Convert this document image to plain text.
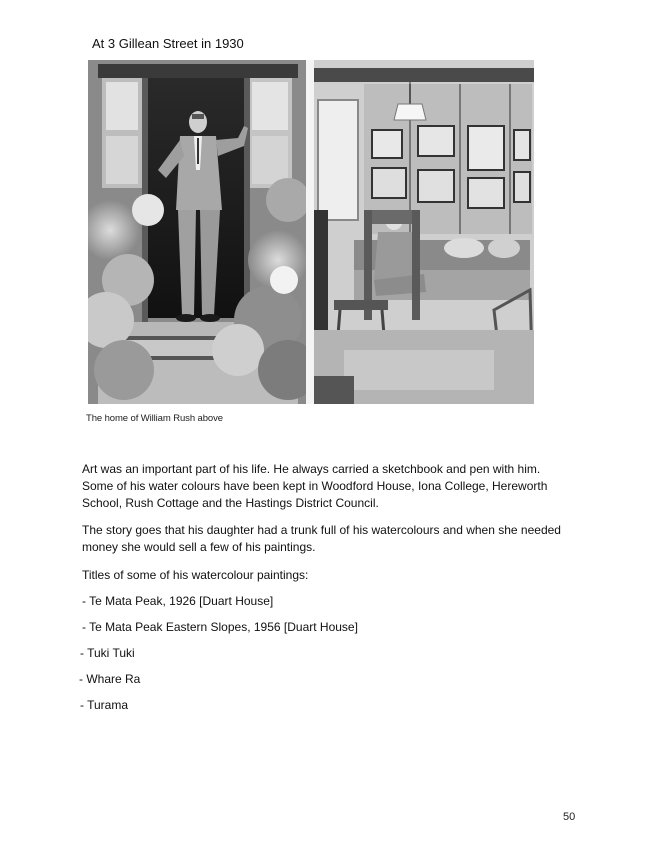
At 3 Gillean Street in 1930
The home of William Rush above

Art was an important part of his life. He always carried a sketchbook and pen with him. Some of his water colours have been kept in Woodford House, Iona College, Hereworth School, Rush Cottage and the Hastings District Council.

The story goes that his daughter had a trunk full of his watercolours and when she needed money she would sell a few of his paintings.

Titles of some of his watercolour paintings:

- Te Mata Peak, 1926 [Duart House]

- Te Mata Peak Eastern Slopes, 1956 [Duart House]

- Tuki Tuki

- Whare Ra

- Turama

50
